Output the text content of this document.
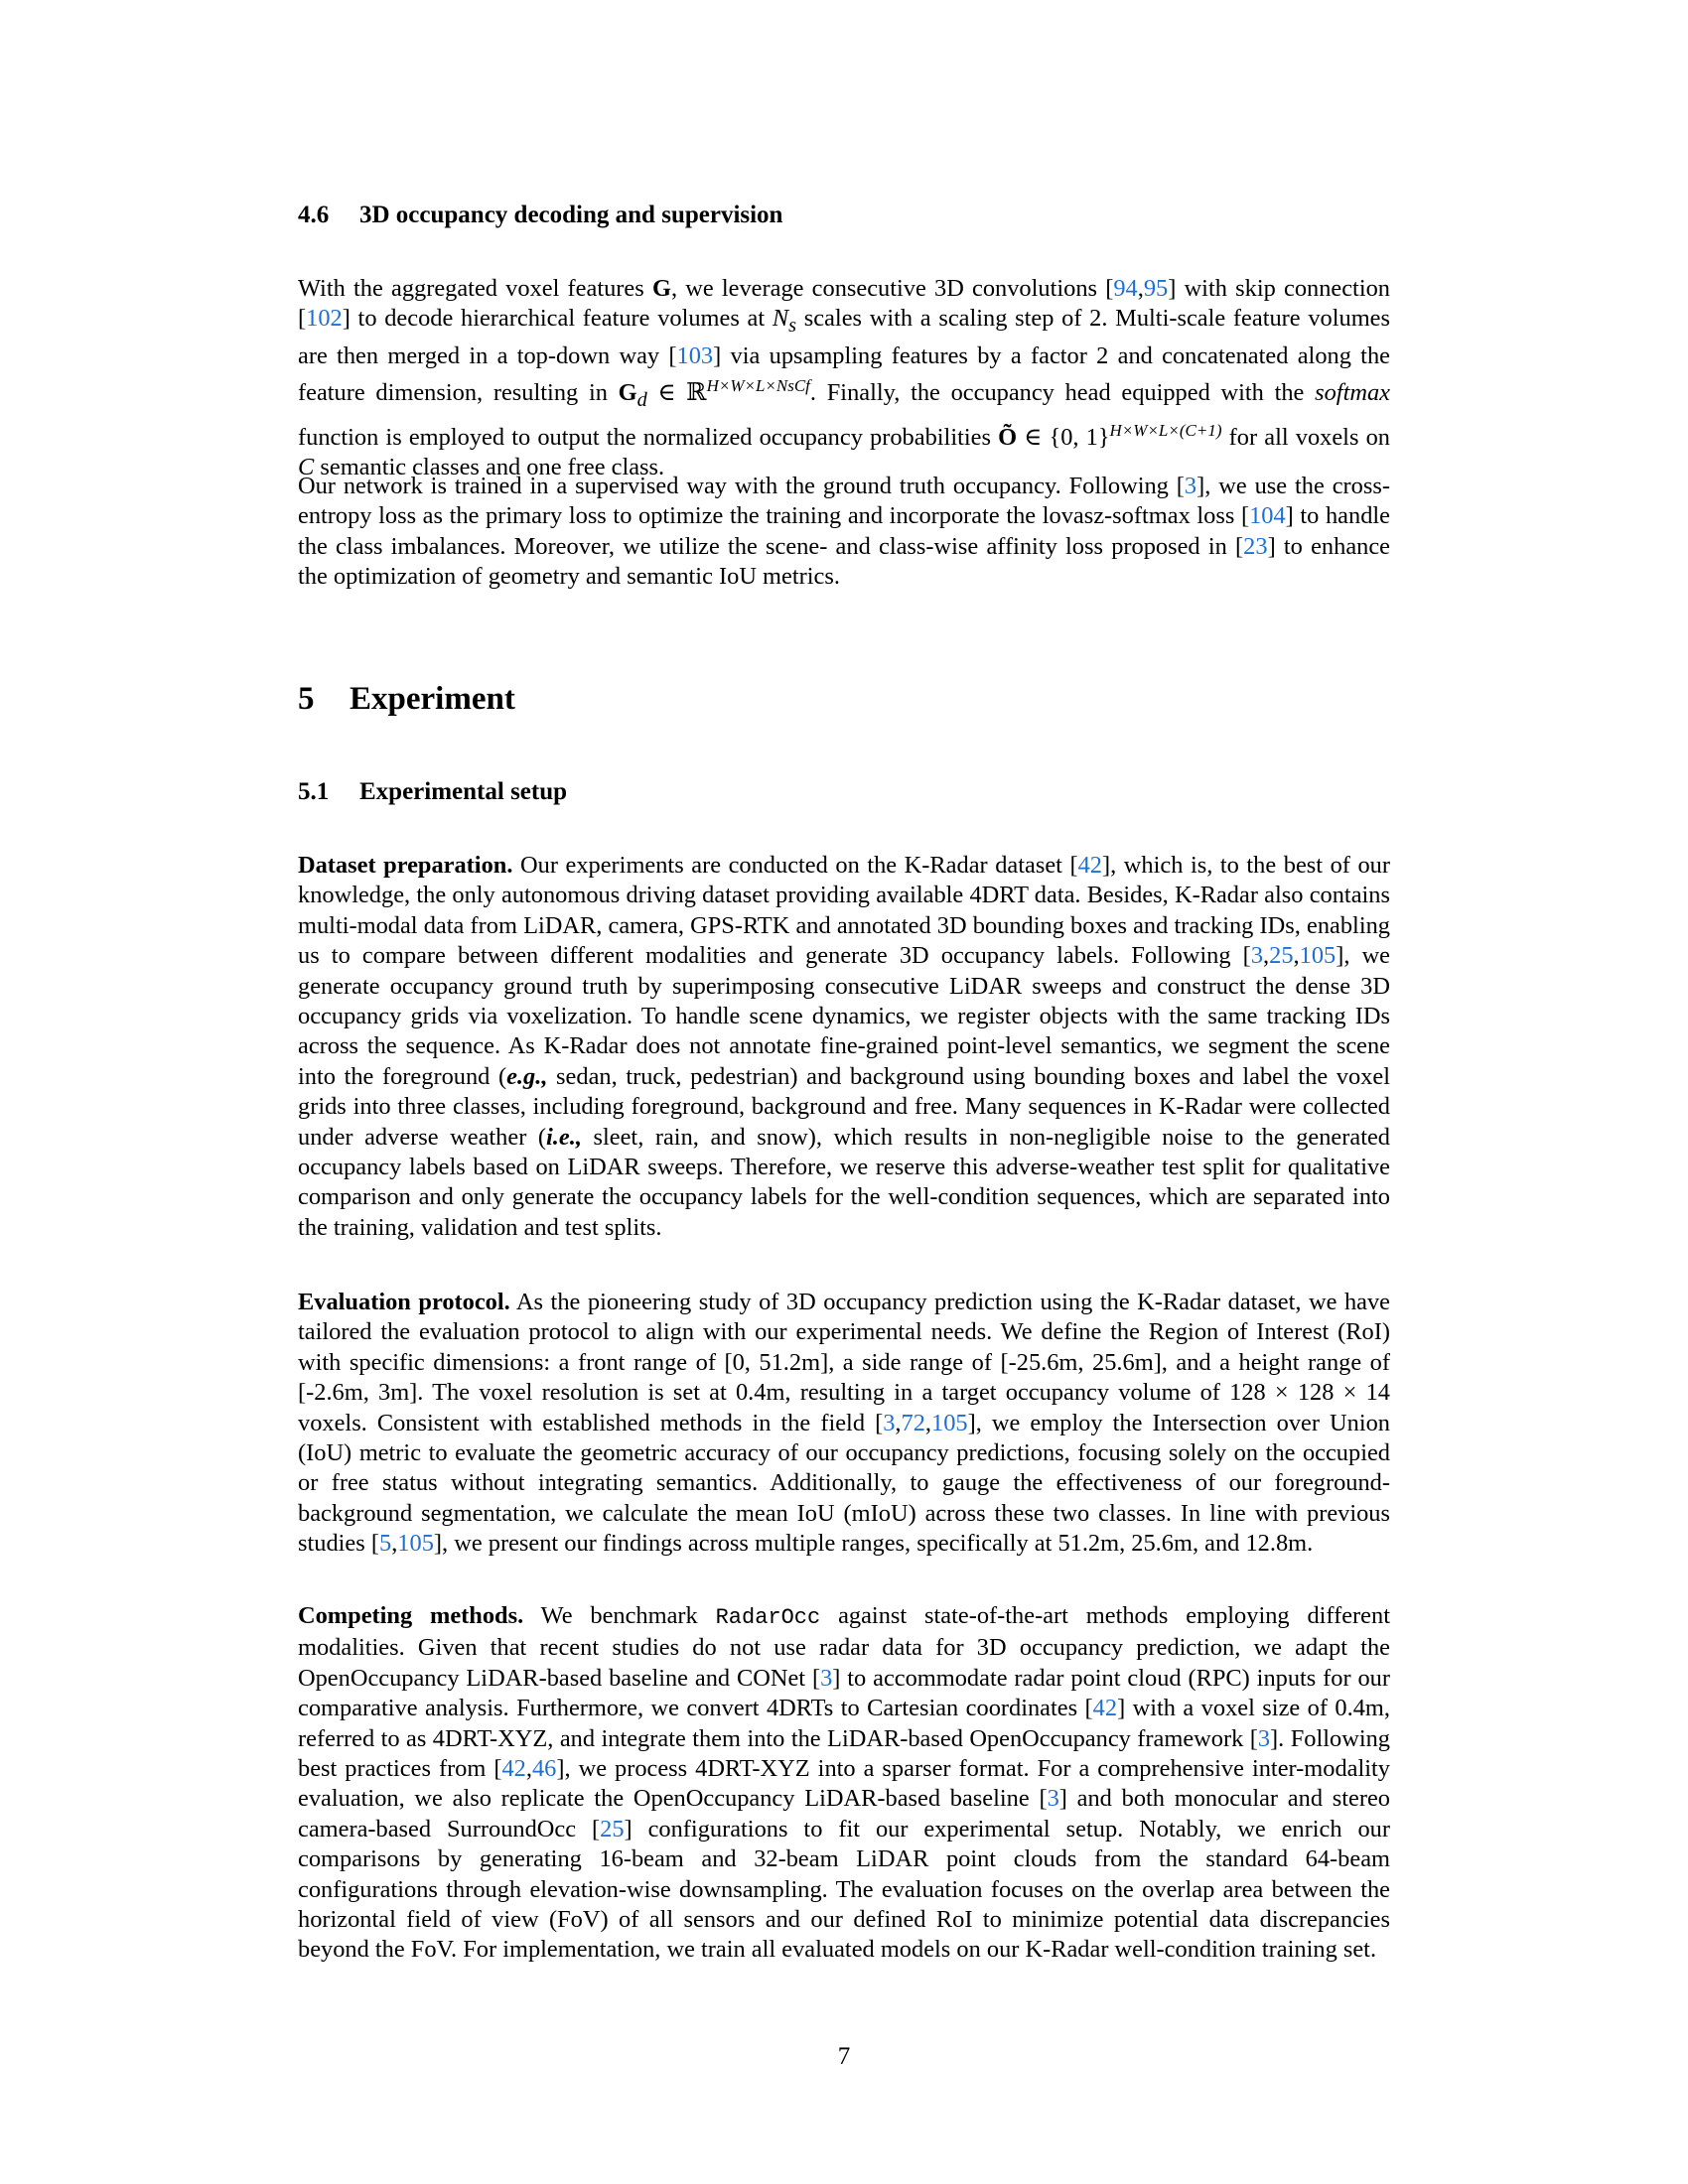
4.6 3D occupancy decoding and supervision

With the aggregated voxel features G, we leverage consecutive 3D convolutions [94,95] with skip connection [102] to decode hierarchical feature volumes at $N_s$ scales with a scaling step of 2. Multi-scale feature volumes are then merged in a top-down way [103] via upsampling features by a factor 2 and concatenated along the feature dimension, resulting in $G_d$ ∈ ℝ$^{H\times W\times L\times NsCf}$. Finally, the occupancy head equipped with the softmax function is employed to output the normalized occupancy probabilities Õ ∈ {0, 1}$^{H\times W\times L\times(C+1)}$ for all voxels on C semantic classes and one free class.

Our network is trained in a supervised way with the ground truth occupancy. Following [3], we use the cross-entropy loss as the primary loss to optimize the training and incorporate the lovasz-softmax loss [104] to handle the class imbalances. Moreover, we utilize the scene- and class-wise affinity loss proposed in [23] to enhance the optimization of geometry and semantic IoU metrics.

5 Experiment
5.1 Experimental setup

Dataset preparation. Our experiments are conducted on the K-Radar dataset [42], which is, to the best of our knowledge, the only autonomous driving dataset providing available 4DRT data. Besides, K-Radar also contains multi-modal data from LiDAR, camera, GPS-RTK and annotated 3D bounding boxes and tracking IDs, enabling us to compare between different modalities and generate 3D occupancy labels. Following [3,25,105], we generate occupancy ground truth by superimposing consecutive LiDAR sweeps and construct the dense 3D occupancy grids via voxelization. To handle scene dynamics, we register objects with the same tracking IDs across the sequence. As K-Radar does not annotate fine-grained point-level semantics, we segment the scene into the foreground (e.g., sedan, truck, pedestrian) and background using bounding boxes and label the voxel grids into three classes, including foreground, background and free. Many sequences in K-Radar were collected under adverse weather (i.e., sleet, rain, and snow), which results in non-negligible noise to the generated occupancy labels based on LiDAR sweeps. Therefore, we reserve this adverse-weather test split for qualitative comparison and only generate the occupancy labels for the well-condition sequences, which are separated into the training, validation and test splits.

Evaluation protocol. As the pioneering study of 3D occupancy prediction using the K-Radar dataset, we have tailored the evaluation protocol to align with our experimental needs. We define the Region of Interest (RoI) with specific dimensions: a front range of [0, 51.2m], a side range of [-25.6m, 25.6m], and a height range of [-2.6m, 3m]. The voxel resolution is set at 0.4m, resulting in a target occupancy volume of 128 × 128 × 14 voxels. Consistent with established methods in the field [3,72,105], we employ the Intersection over Union (IoU) metric to evaluate the geometric accuracy of our occupancy predictions, focusing solely on the occupied or free status without integrating semantics. Additionally, to gauge the effectiveness of our foreground-background segmentation, we calculate the mean IoU (mIoU) across these two classes. In line with previous studies [5,105], we present our findings across multiple ranges, specifically at 51.2m, 25.6m, and 12.8m.

Competing methods. We benchmark RadarOcc against state-of-the-art methods employing different modalities. Given that recent studies do not use radar data for 3D occupancy prediction, we adapt the OpenOccupancy LiDAR-based baseline and CONet [3] to accommodate radar point cloud (RPC) inputs for our comparative analysis. Furthermore, we convert 4DRTs to Cartesian coordinates [42] with a voxel size of 0.4m, referred to as 4DRT-XYZ, and integrate them into the LiDAR-based OpenOccupancy framework [3]. Following best practices from [42,46], we process 4DRT-XYZ into a sparser format. For a comprehensive inter-modality evaluation, we also replicate the OpenOccupancy LiDAR-based baseline [3] and both monocular and stereo camera-based SurroundOcc [25] configurations to fit our experimental setup. Notably, we enrich our comparisons by generating 16-beam and 32-beam LiDAR point clouds from the standard 64-beam configurations through elevation-wise downsampling. The evaluation focuses on the overlap area between the horizontal field of view (FoV) of all sensors and our defined RoI to minimize potential data discrepancies beyond the FoV. For implementation, we train all evaluated models on our K-Radar well-condition training set.

7
